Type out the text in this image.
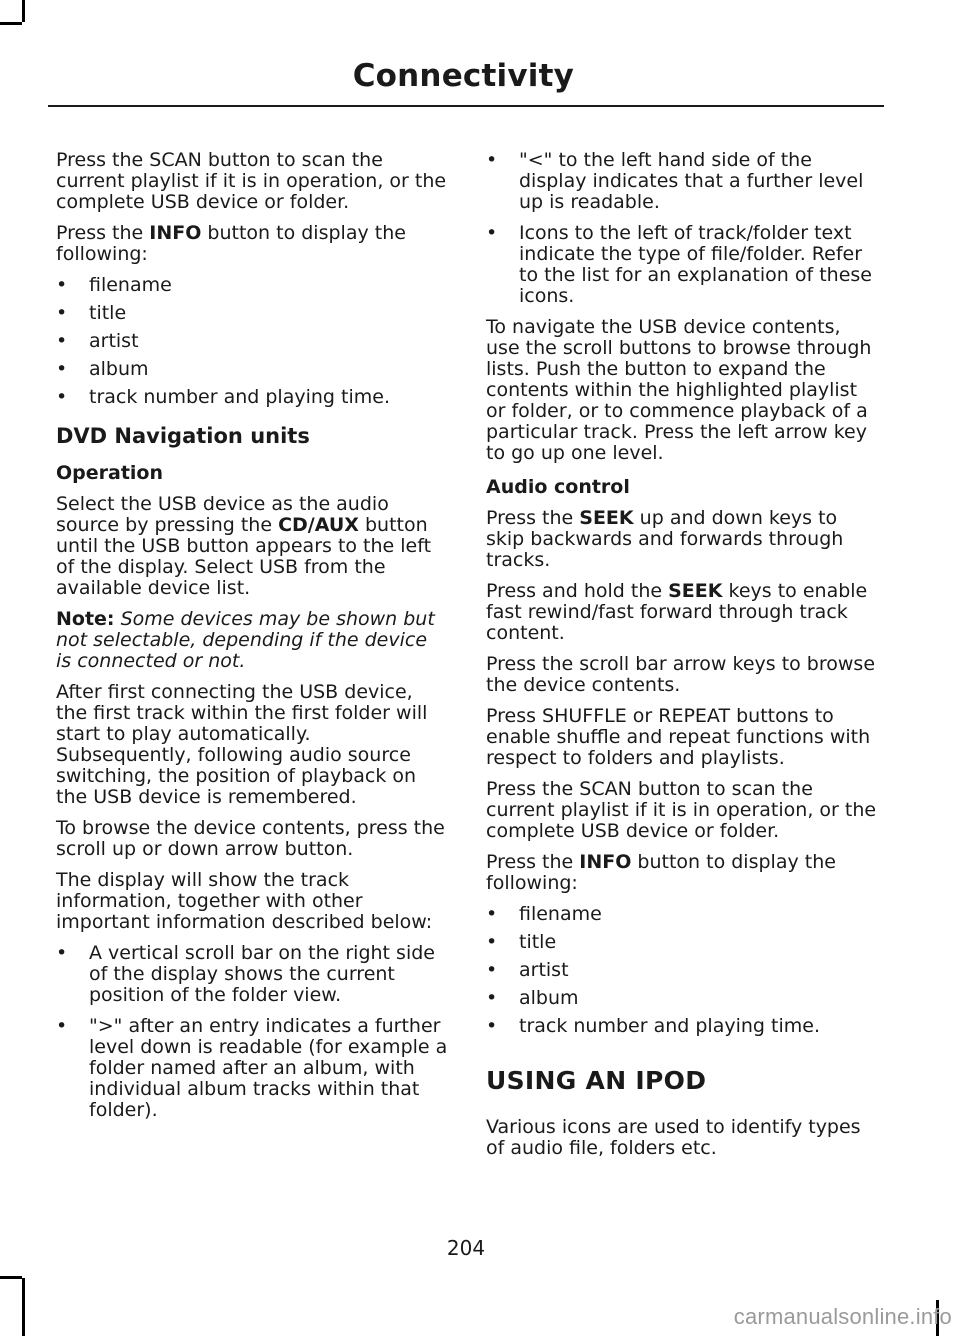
Connectivity

Press the SCAN button to scan the current playlist if it is in operation, or the complete USB device or folder.

Press the INFO button to display the following:

• filename
• title
• artist
• album
• track number and playing time.
DVD Navigation units
Operation

Select the USB device as the audio source by pressing the CD/AUX button until the USB button appears to the left of the display. Select USB from the available device list.

Note: Some devices may be shown but not selectable, depending if the device is connected or not.

After first connecting the USB device, the first track within the first folder will start to play automatically. Subsequently, following audio source switching, the position of playback on the USB device is remembered.

To browse the device contents, press the scroll up or down arrow button.

The display will show the track information, together with other important information described below:

• A vertical scroll bar on the right side of the display shows the current position of the folder view.
• ">" after an entry indicates a further level down is readable (for example a folder named after an album, with individual album tracks within that folder).
• "<" to the left hand side of the display indicates that a further level up is readable.
• Icons to the left of track/folder text indicate the type of file/folder. Refer to the list for an explanation of these icons.

To navigate the USB device contents, use the scroll buttons to browse through lists. Push the button to expand the contents within the highlighted playlist or folder, or to commence playback of a particular track. Press the left arrow key to go up one level.

Audio control

Press the SEEK up and down keys to skip backwards and forwards through tracks.

Press and hold the SEEK keys to enable fast rewind/fast forward through track content.

Press the scroll bar arrow keys to browse the device contents.

Press SHUFFLE or REPEAT buttons to enable shuffle and repeat functions with respect to folders and playlists.

Press the SCAN button to scan the current playlist if it is in operation, or the complete USB device or folder.

Press the INFO button to display the following:

• filename
• title
• artist
• album
• track number and playing time.
USING AN IPOD

Various icons are used to identify types of audio file, folders etc.

204
carmanualsonline.info
